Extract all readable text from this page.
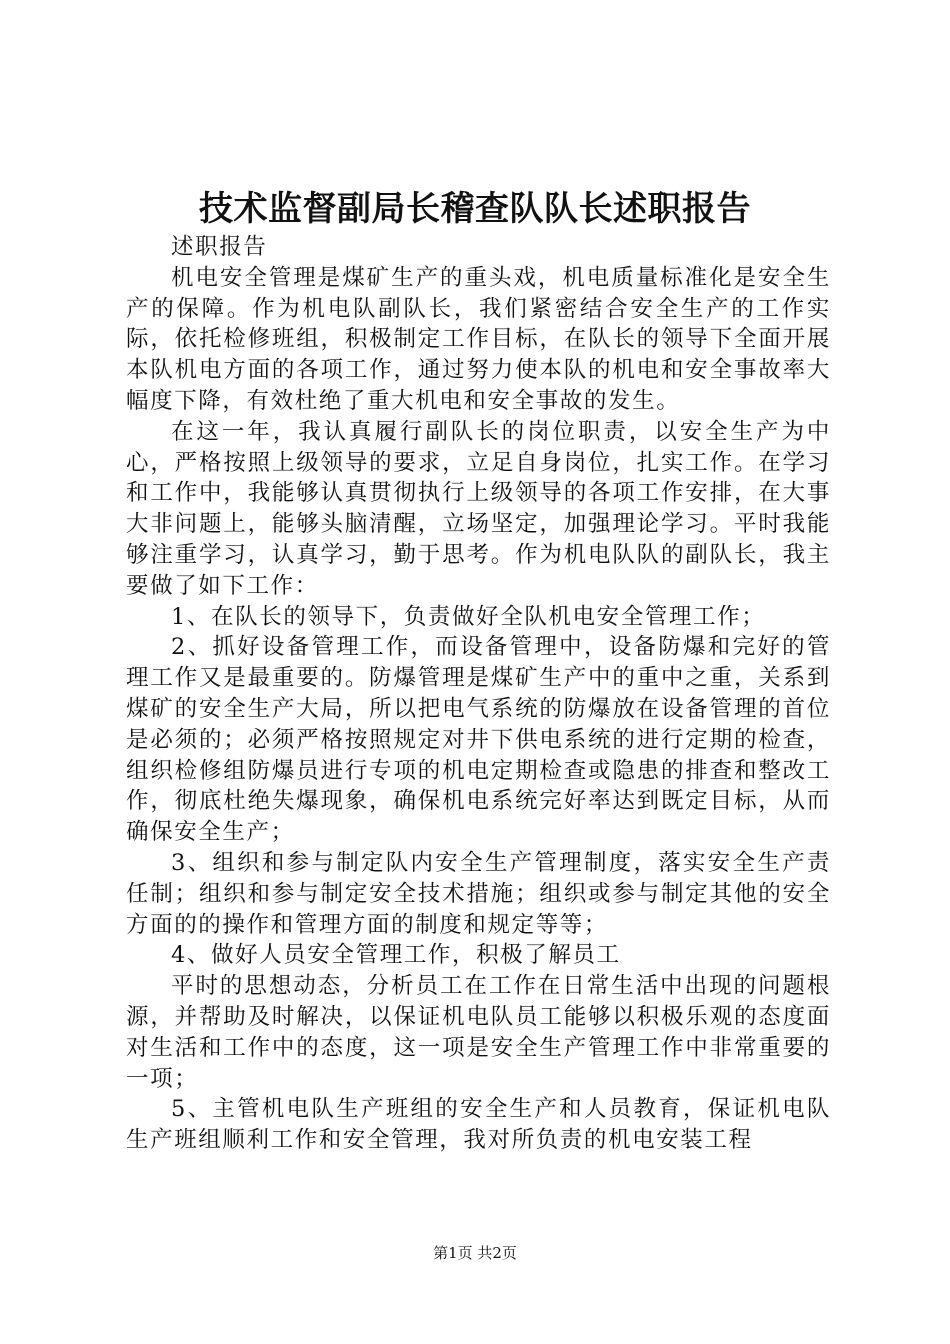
技术监督副局长稽查队队长述职报告

述职报告

机电安全管理是煤矿生产的重头戏，机电质量标准化是安全生产的保障。作为机电队副队长，我们紧密结合安全生产的工作实际，依托检修班组，积极制定工作目标，在队长的领导下全面开展本队机电方面的各项工作，通过努力使本队的机电和安全事故率大幅度下降，有效杜绝了重大机电和安全事故的发生。

在这一年，我认真履行副队长的岗位职责，以安全生产为中心，严格按照上级领导的要求，立足自身岗位，扎实工作。在学习和工作中，我能够认真贯彻执行上级领导的各项工作安排，在大事大非问题上，能够头脑清醒，立场坚定，加强理论学习。平时我能够注重学习，认真学习，勤于思考。作为机电队队的副队长，我主要做了如下工作：

1、在队长的领导下，负责做好全队机电安全管理工作；

2、抓好设备管理工作，而设备管理中，设备防爆和完好的管理工作又是最重要的。防爆管理是煤矿生产中的重中之重，关系到煤矿的安全生产大局，所以把电气系统的防爆放在设备管理的首位是必须的；必须严格按照规定对井下供电系统的进行定期的检查，组织检修组防爆员进行专项的机电定期检查或隐患的排查和整改工作，彻底杜绝失爆现象，确保机电系统完好率达到既定目标，从而确保安全生产；

3、组织和参与制定队内安全生产管理制度，落实安全生产责任制；组织和参与制定安全技术措施；组织或参与制定其他的安全方面的的操作和管理方面的制度和规定等等；

4、做好人员安全管理工作，积极了解员工

平时的思想动态，分析员工在工作在日常生活中出现的问题根源，并帮助及时解决，以保证机电队员工能够以积极乐观的态度面对生活和工作中的态度，这一项是安全生产管理工作中非常重要的一项；

5、主管机电队生产班组的安全生产和人员教育，保证机电队生产班组顺利工作和安全管理，我对所负责的机电安装工程

第1页 共2页
